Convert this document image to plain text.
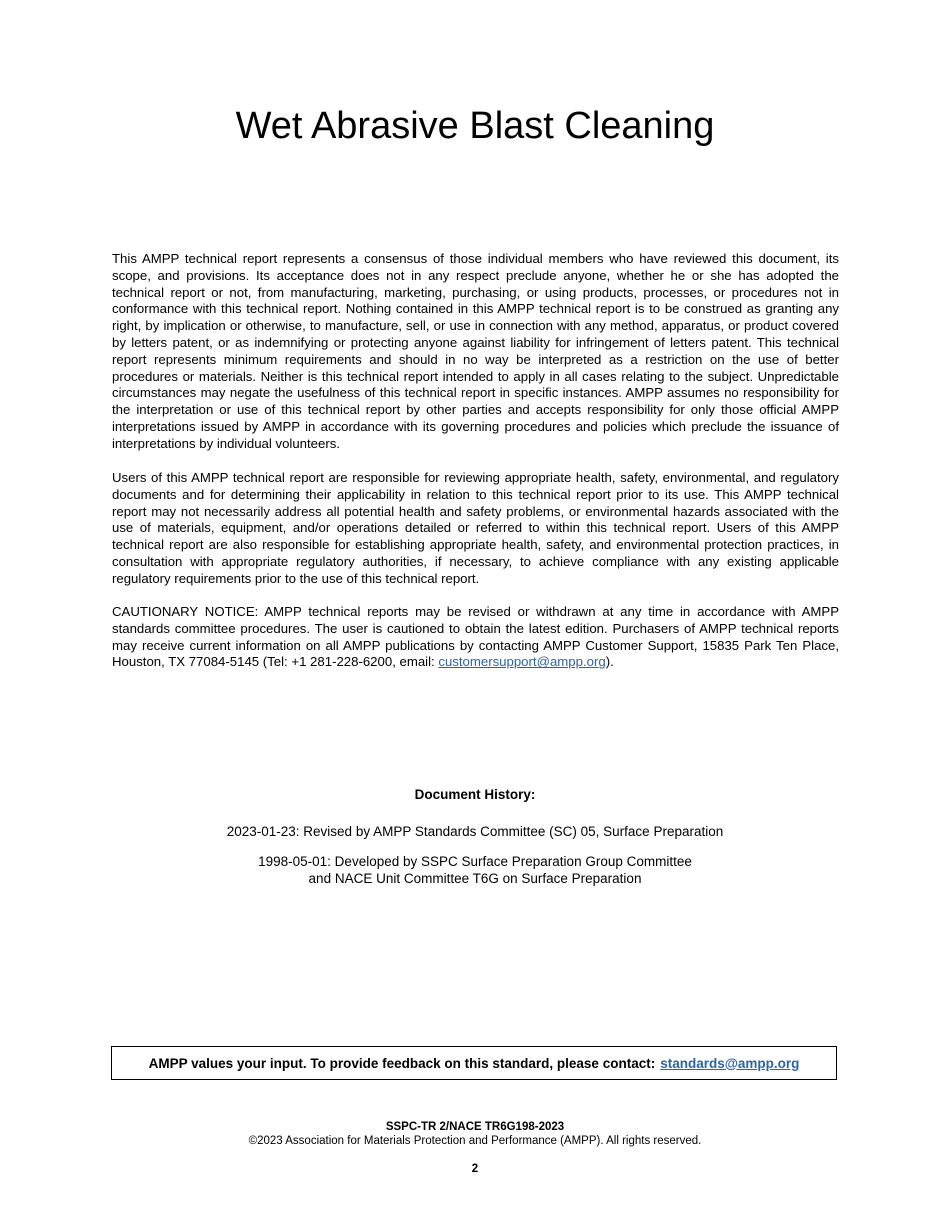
Wet Abrasive Blast Cleaning

This AMPP technical report represents a consensus of those individual members who have reviewed this document, its scope, and provisions. Its acceptance does not in any respect preclude anyone, whether he or she has adopted the technical report or not, from manufacturing, marketing, purchasing, or using products, processes, or procedures not in conformance with this technical report. Nothing contained in this AMPP technical report is to be construed as granting any right, by implication or otherwise, to manufacture, sell, or use in connection with any method, apparatus, or product covered by letters patent, or as indemnifying or protecting anyone against liability for infringement of letters patent. This technical report represents minimum requirements and should in no way be interpreted as a restriction on the use of better procedures or materials. Neither is this technical report intended to apply in all cases relating to the subject. Unpredictable circumstances may negate the usefulness of this technical report in specific instances. AMPP assumes no responsibility for the interpretation or use of this technical report by other parties and accepts responsibility for only those official AMPP interpretations issued by AMPP in accordance with its governing procedures and policies which preclude the issuance of interpretations by individual volunteers.

Users of this AMPP technical report are responsible for reviewing appropriate health, safety, environmental, and regulatory documents and for determining their applicability in relation to this technical report prior to its use. This AMPP technical report may not necessarily address all potential health and safety problems, or environmental hazards associated with the use of materials, equipment, and/or operations detailed or referred to within this technical report. Users of this AMPP technical report are also responsible for establishing appropriate health, safety, and environmental protection practices, in consultation with appropriate regulatory authorities, if necessary, to achieve compliance with any existing applicable regulatory requirements prior to the use of this technical report.

CAUTIONARY NOTICE: AMPP technical reports may be revised or withdrawn at any time in accordance with AMPP standards committee procedures. The user is cautioned to obtain the latest edition. Purchasers of AMPP technical reports may receive current information on all AMPP publications by contacting AMPP Customer Support, 15835 Park Ten Place, Houston, TX 77084-5145 (Tel: +1 281-228-6200, email: customersupport@ampp.org).

Document History:

2023-01-23: Revised by AMPP Standards Committee (SC) 05, Surface Preparation

1998-05-01: Developed by SSPC Surface Preparation Group Committee
and NACE Unit Committee T6G on Surface Preparation
AMPP values your input. To provide feedback on this standard, please contact: standards@ampp.org

SSPC-TR 2/NACE TR6G198-2023

©2023 Association for Materials Protection and Performance (AMPP). All rights reserved.

2
